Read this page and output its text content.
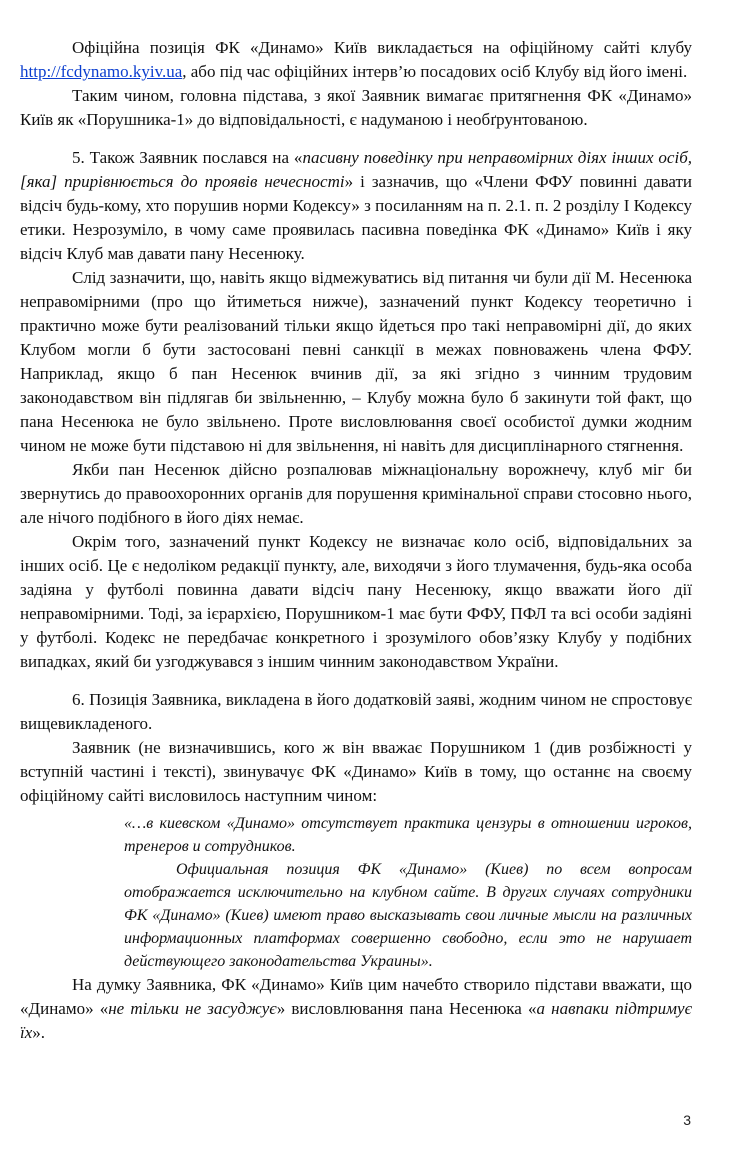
Офіційна позиція ФК «Динамо» Київ викладається на офіційному сайті клубу http://fcdynamo.kyiv.ua, або під час офіційних інтерв’ю посадових осіб Клубу від його імені.

Таким чином, головна підстава, з якої Заявник вимагає притягнення ФК «Динамо» Київ як «Порушника-1» до відповідальності, є надуманою і необґрунтованою.

5. Також Заявник послався на «пасивну поведінку при неправомірних діях інших осіб, [яка] прирівнюється до проявів нечесності» і зазначив, що «Члени ФФУ повинні давати відсіч будь-кому, хто порушив норми Кодексу» з посиланням на п. 2.1. п. 2 розділу І Кодексу етики. Незрозуміло, в чому саме проявилась пасивна поведінка ФК «Динамо» Київ і яку відсіч Клуб мав давати пану Несенюку.

Слід зазначити, що, навіть якщо відмежуватись від питання чи були дії М. Несенюка неправомірними (про що йтиметься нижче), зазначений пункт Кодексу теоретично і практично може бути реалізований тільки якщо йдеться про такі неправомірні дії, до яких Клубом могли б бути застосовані певні санкції в межах повноважень члена ФФУ. Наприклад, якщо б пан Несенюк вчинив дії, за які згідно з чинним трудовим законодавством він підлягав би звільненню, – Клубу можна було б закинути той факт, що пана Несенюка не було звільнено. Проте висловлювання своєї особистої думки жодним чином не може бути підставою ні для звільнення, ні навіть для дисциплінарного стягнення.

Якби пан Несенюк дійсно розпалював міжнаціональну ворожнечу, клуб міг би звернутись до правоохоронних органів для порушення кримінальної справи стосовно нього, але нічого подібного в його діях немає.

Окрім того, зазначений пункт Кодексу не визначає коло осіб, відповідальних за інших осіб. Це є недоліком редакції пункту, але, виходячи з його тлумачення, будь-яка особа задіяна у футболі повинна давати відсіч пану Несенюку, якщо вважати його дії неправомірними. Тоді, за ієрархією, Порушником-1 має бути ФФУ, ПФЛ та всі особи задіяні у футболі. Кодекс не передбачає конкретного і зрозумілого обов’язку Клубу у подібних випадках, який би узгоджувався з іншим чинним законодавством України.

6. Позиція Заявника, викладена в його додатковій заяві, жодним чином не спростовує вищевикладеного.

Заявник (не визначившись, кого ж він вважає Порушником 1 (див розбіжності у вступній частині і тексті), звинувачує ФК «Динамо» Київ в тому, що останнє на своєму офіційному сайті висловилось наступним чином:

«…в киевском «Динамо» отсутствует практика цензуры в отношении игроков, тренеров и сотрудников.

Официальная позиция ФК «Динамо» (Киев) по всем вопросам отображается исключительно на клубном сайте. В других случаях сотрудники ФК «Динамо» (Киев) имеют право высказывать свои личные мысли на различных информационных платформах совершенно свободно, если это не нарушает действующего законодательства Украины».

На думку Заявника, ФК «Динамо» Київ цим начебто створило підстави вважати, що «Динамо» «не тільки не засуджує» висловлювання пана Несенюка «а навпаки підтримує їх».

3
